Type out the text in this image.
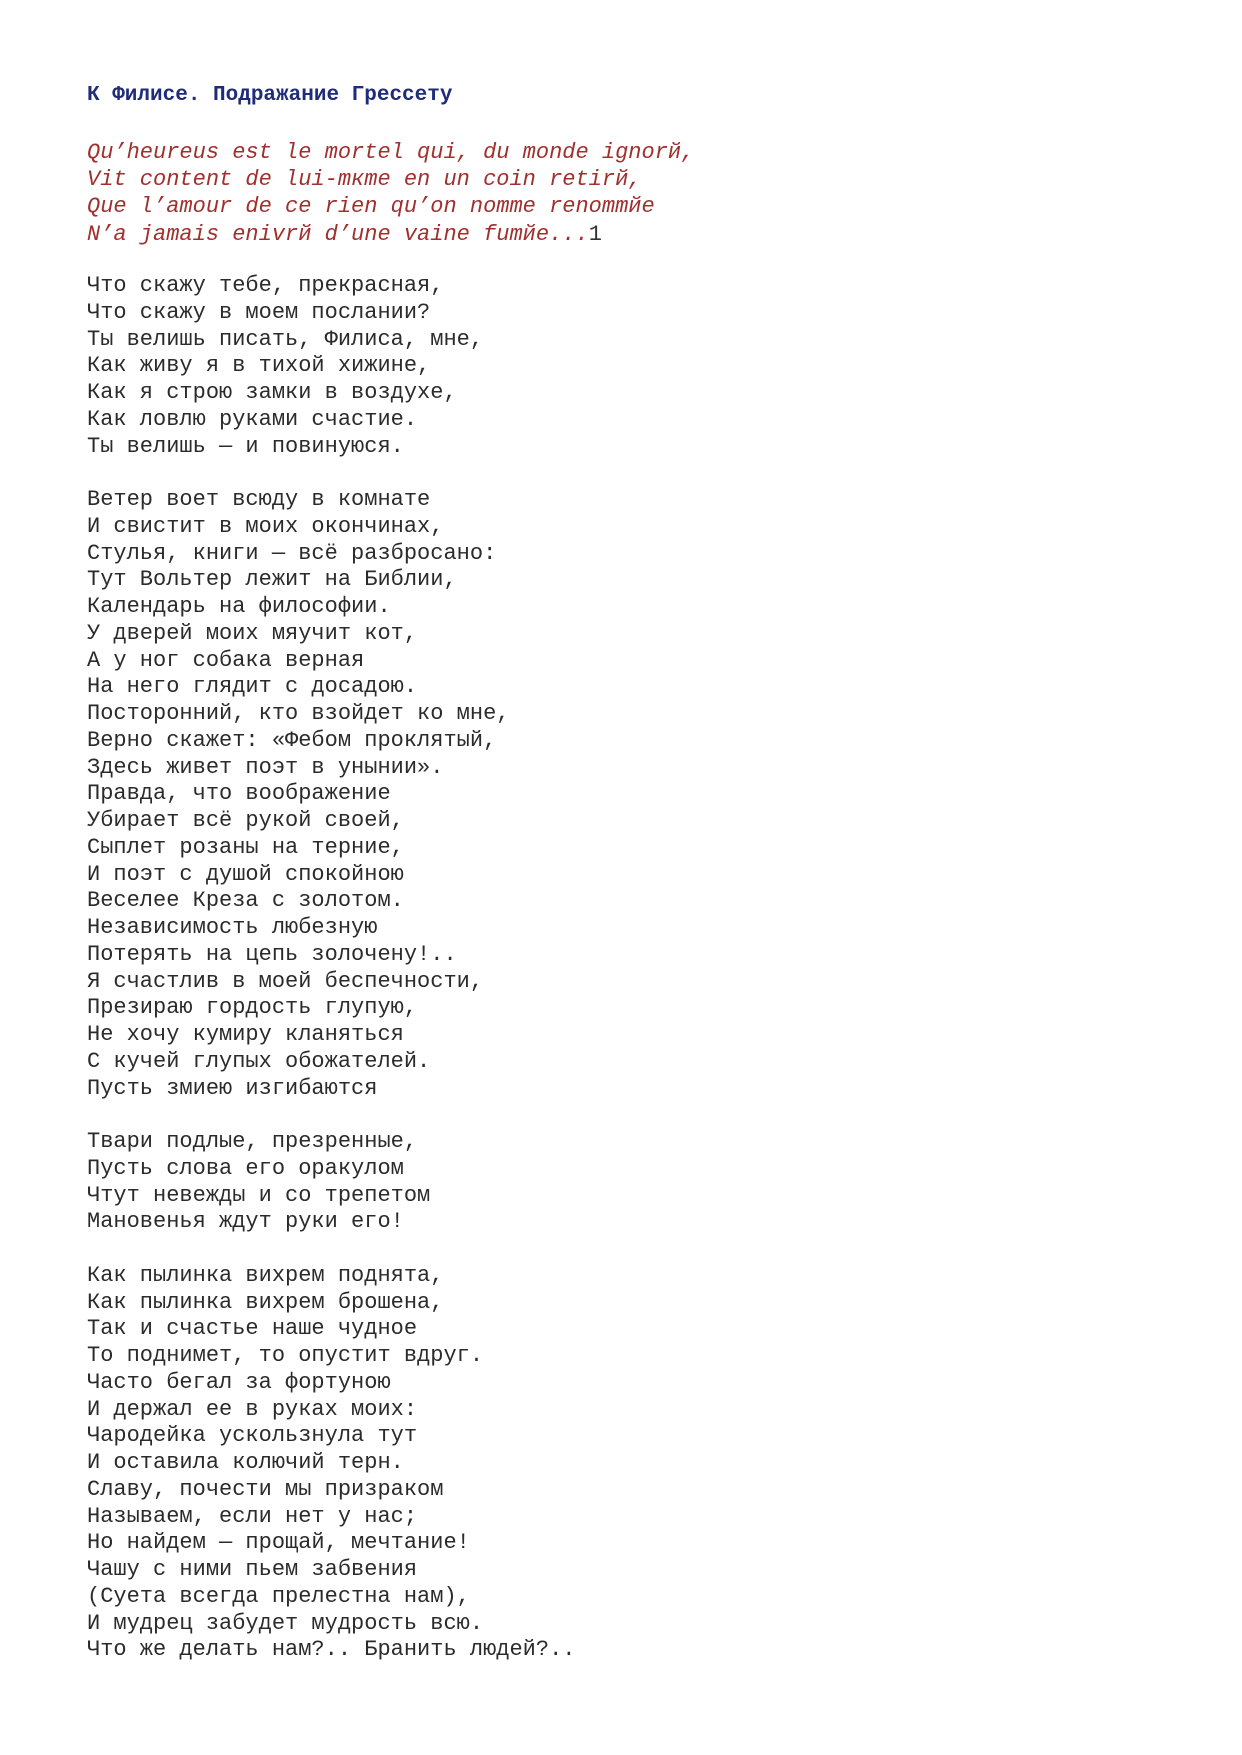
К Филисе. Подражание Грессету
Qu’heureus est le mortel qui, du monde ignorй,
Vit content de lui-mкme en un coin retirй,
Que l’amour de ce rien qu’on nomme renommйe
N’a jamais enivrй d’une vaine fumйe...1
Что скажу тебе, прекрасная,
Что скажу в моем послании?
Ты велишь писать, Филиса, мне,
Как живу я в тихой хижине,
Как я строю замки в воздухе,
Как ловлю руками счастие.
Ты велишь — и повинуюся.
Ветер воет всюду в комнате
И свистит в моих окончинах,
Стулья, книги — всё разбросано:
Тут Вольтер лежит на Библии,
Календарь на философии.
У дверей моих мяучит кот,
А у ног собака верная
На него глядит с досадою.
Посторонний, кто взойдет ко мне,
Верно скажет: «Фебом проклятый,
Здесь живет поэт в унынии».
Правда, что воображение
Убирает всё рукой своей,
Сыплет розаны на терние,
И поэт с душой спокойною
Веселее Креза с золотом.
Независимость любезную
Потерять на цепь золочену!..
Я счастлив в моей беспечности,
Презираю гордость глупую,
Не хочу кумиру кланяться
С кучей глупых обожателей.
Пусть змиею изгибаются
Твари подлые, презренные,
Пусть слова его оракулом
Чтут невежды и со трепетом
Мановенья ждут руки его!
Как пылинка вихрем поднята,
Как пылинка вихрем брошена,
Так и счастье наше чудное
То поднимет, то опустит вдруг.
Часто бегал за фортуною
И держал ее в руках моих:
Чародейка ускользнула тут
И оставила колючий терн.
Славу, почести мы призраком
Называем, если нет у нас;
Но найдем — прощай, мечтание!
Чашу с ними пьем забвения
(Суета всегда прелестна нам),
И мудрец забудет мудрость всю.
Что же делать нам?.. Бранить людей?..
